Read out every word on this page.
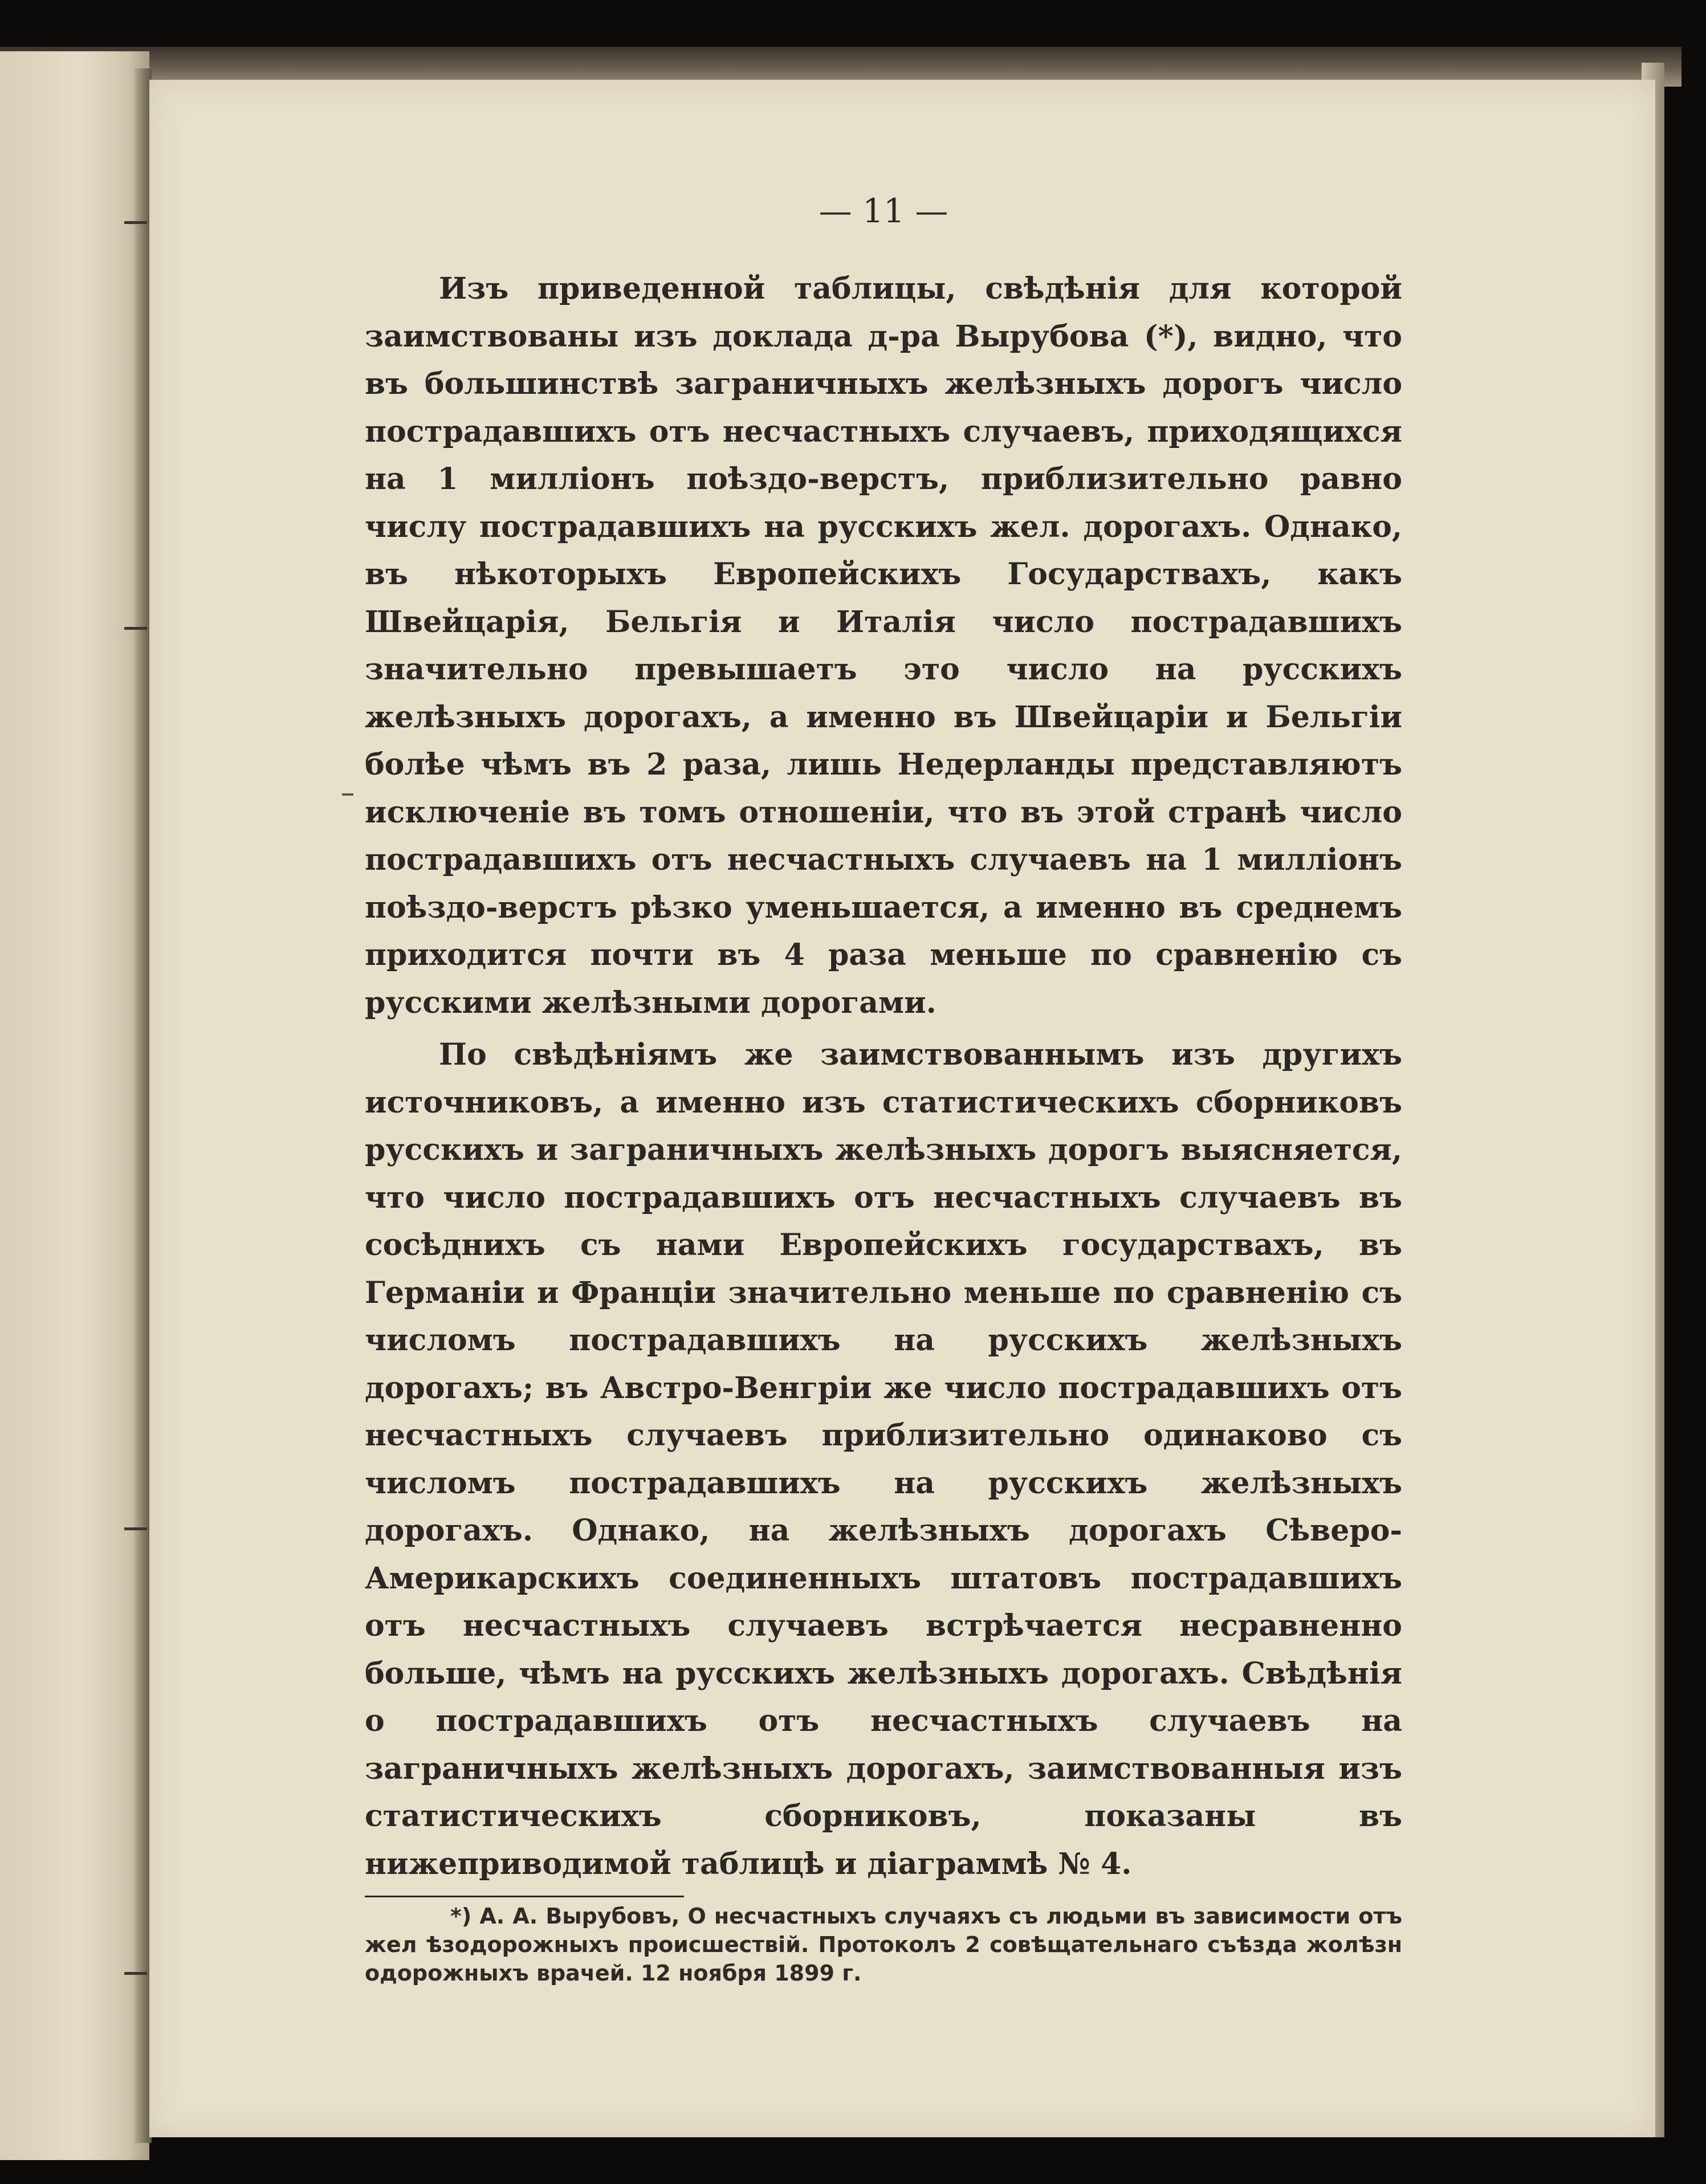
— 11 —

Изъ приведенной таблицы, свѣдѣнія для которой заимствованы изъ доклада д-ра Вырубова (*), видно, что въ большинствѣ заграничныхъ желѣзныхъ дорогъ число пострадавшихъ отъ несчастныхъ случаевъ, приходящихся на 1 милліонъ поѣздо-верстъ, приблизительно равно числу пострадавшихъ на русскихъ жел. дорогахъ. Однако, въ нѣкоторыхъ Европейскихъ Государствахъ, какъ Швейцарія, Бельгія и Италія число пострадавшихъ значительно превышаетъ это число на русскихъ желѣзныхъ дорогахъ, а именно въ Швейцаріи и Бельгіи болѣе чѣмъ въ 2 раза, лишь Недерланды представляютъ исключеніе въ томъ отношеніи, что въ этой странѣ число пострадавшихъ отъ несчастныхъ случаевъ на 1 милліонъ поѣздо-верстъ рѣзко уменьшается, а именно въ среднемъ приходится почти въ 4 раза меньше по сравненію съ русскими желѣзными дорогами.

По свѣдѣніямъ же заимствованнымъ изъ другихъ источниковъ, а именно изъ статистическихъ сборниковъ русскихъ и заграничныхъ желѣзныхъ дорогъ выясняется, что число пострадавшихъ отъ несчастныхъ случаевъ въ сосѣднихъ съ нами Европейскихъ государствахъ, въ Германіи и Франціи значительно меньше по сравненію съ числомъ пострадавшихъ на русскихъ желѣзныхъ дорогахъ; въ Австро-Венгріи же число пострадавшихъ отъ несчастныхъ случаевъ приблизительно одинаково съ числомъ пострадавшихъ на русскихъ желѣзныхъ дорогахъ. Однако, на желѣзныхъ дорогахъ Сѣверо-Америкарскихъ соединенныхъ штатовъ пострадавшихъ отъ несчастныхъ случаевъ встрѣчается несравненно больше, чѣмъ на русскихъ желѣзныхъ дорогахъ. Свѣдѣнія о пострадавшихъ отъ несчастныхъ случаевъ на заграничныхъ желѣзныхъ дорогахъ, заимствованныя изъ статистическихъ сборниковъ, показаны въ нижеприводимой таблицѣ и діаграммѣ № 4.

*) А. А. Вырубовъ, О несчастныхъ случаяхъ съ людьми въ зависимости отъ жел ѣзодорожныхъ происшествій. Протоколъ 2 совѣщательнаго съѣзда жолѣзн одорожныхъ врачей. 12 ноября 1899 г.
